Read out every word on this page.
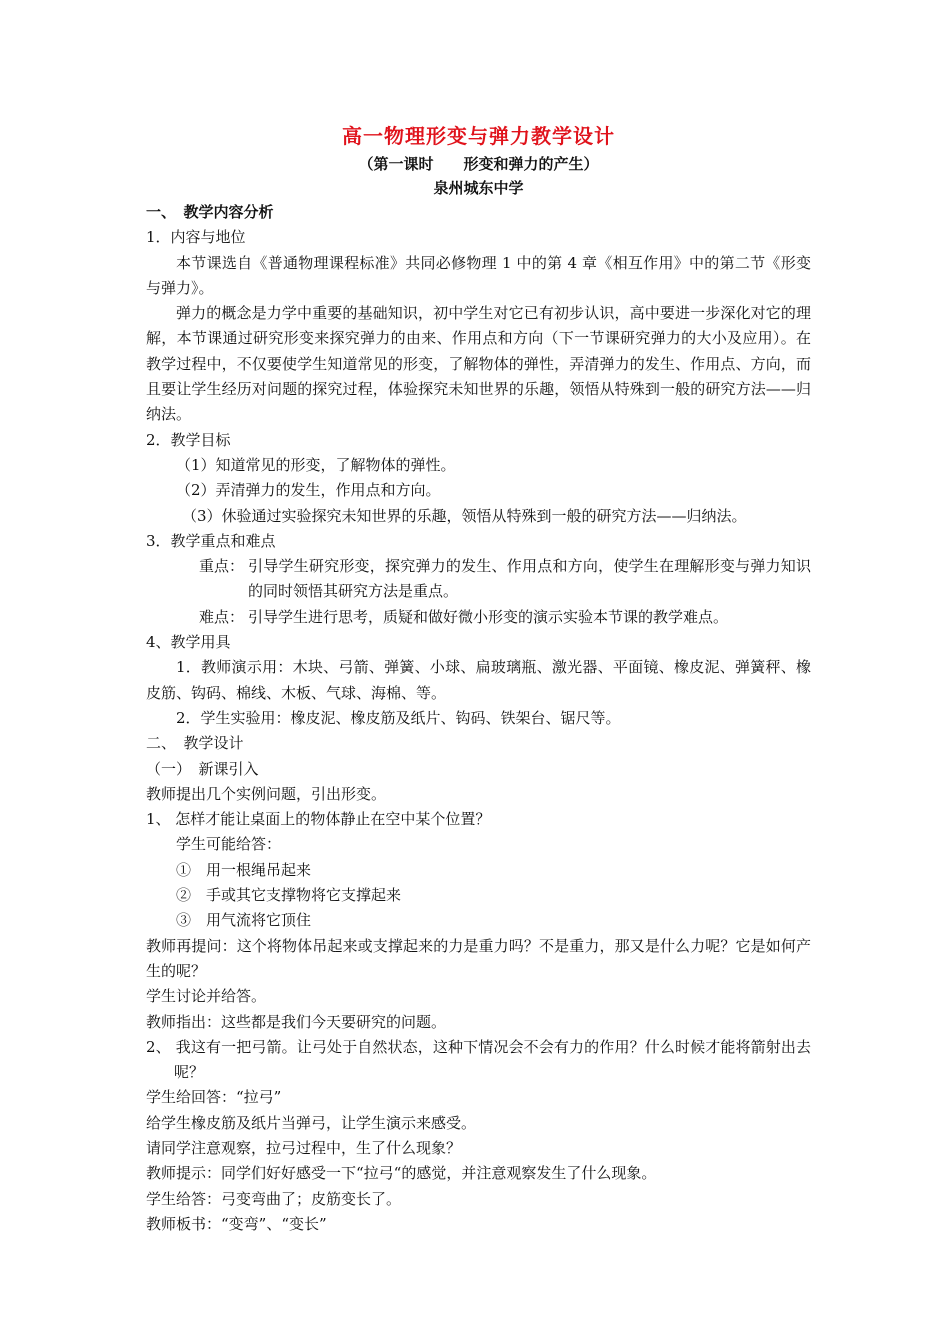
高一物理形变与弹力教学设计

（第一课时　　形变和弹力的产生）

泉州城东中学

一、　教学内容分析

1．内容与地位

本节课选自《普通物理课程标准》共同必修物理 1 中的第 4 章《相互作用》中的第二节《形变与弹力》。

弹力的概念是力学中重要的基础知识，初中学生对它已有初步认识，高中要进一步深化对它的理解，本节课通过研究形变来探究弹力的由来、作用点和方向（下一节课研究弹力的大小及应用）。在教学过程中，不仅要使学生知道常见的形变，了解物体的弹性，弄清弹力的发生、作用点、方向，而且要让学生经历对问题的探究过程，体验探究未知世界的乐趣，领悟从特殊到一般的研究方法——归纳法。

2．教学目标

（1）知道常见的形变，了解物体的弹性。

（2）弄清弹力的发生，作用点和方向。

（3）休验通过实验探究未知世界的乐趣，领悟从特殊到一般的研究方法——归纳法。

3．教学重点和难点

重点： 引导学生研究形变，探究弹力的发生、作用点和方向，使学生在理解形变与弹力知识的同时领悟其研究方法是重点。
难点： 引导学生进行思考，质疑和做好微小形变的演示实验本节课的教学难点。

4、教学用具

1．教师演示用：木块、弓箭、弹簧、小球、扁玻璃瓶、激光器、平面镜、橡皮泥、弹簧秤、橡皮筋、钩码、棉线、木板、气球、海棉、等。

2．学生实验用：橡皮泥、橡皮筋及纸片、钩码、铁架台、锯尺等。

二、　教学设计

（一）　新课引入

教师提出几个实例问题，引出形变。

1、 怎样才能让桌面上的物体静止在空中某个位置？

学生可能给答：

①　用一根绳吊起来

②　手或其它支撑物将它支撑起来

③　用气流将它顶住

教师再提问：这个将物体吊起来或支撑起来的力是重力吗？不是重力，那又是什么力呢？它是如何产生的呢？

学生讨论并给答。

教师指出：这些都是我们今天要研究的问题。

2、 我这有一把弓箭。让弓处于自然状态，这种下情况会不会有力的作用？什么时候才能将箭射出去呢？

学生给回答：“拉弓”

给学生橡皮筋及纸片当弹弓，让学生演示来感受。

请同学注意观察，拉弓过程中，生了什么现象？

教师提示：同学们好好感受一下“拉弓“的感觉，并注意观察发生了什么现象。

学生给答：弓变弯曲了；皮筋变长了。

教师板书：“变弯”、“变长”
